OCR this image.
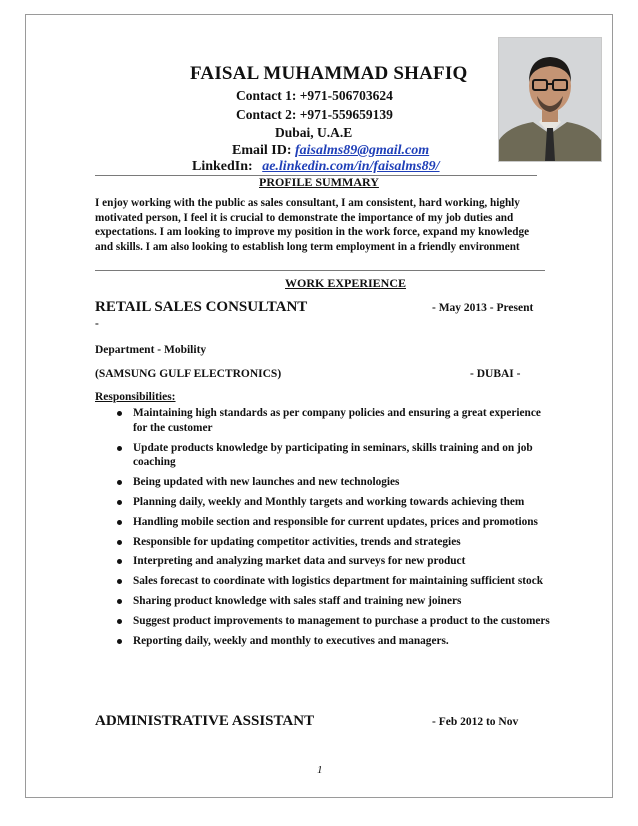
FAISAL MUHAMMAD SHAFIQ
Contact 1: +971-506703624
Contact 2: +971-559659139
Dubai, U.A.E
Email ID: faisalms89@gmail.com
LinkedIn: ae.linkedin.com/in/faisalms89/
PROFILE SUMMARY
I enjoy working with the public as sales consultant, I am consistent, hard working, highly motivated person, I feel it is crucial to demonstrate the importance of my job duties and expectations. I am looking to improve my position in the work force, expand my knowledge and skills. I am also looking to establish long term employment in a friendly environment
WORK EXPERIENCE
RETAIL SALES CONSULTANT	- May 2013 - Present
-
Department - Mobility
(SAMSUNG GULF ELECTRONICS)	- DUBAI -
Responsibilities:
Maintaining high standards as per company policies and ensuring a great experience for the customer
Update products knowledge by participating in seminars, skills training and on job coaching
Being updated with new launches and new technologies
Planning daily, weekly and Monthly targets and working towards achieving them
Handling mobile section and responsible for current updates, prices and promotions
Responsible for updating competitor activities, trends and strategies
Interpreting and analyzing market data and surveys for new product
Sales forecast to coordinate with logistics department for maintaining sufficient stock
Sharing product knowledge with sales staff and training new joiners
Suggest product improvements to management to purchase a product to the customers
Reporting daily, weekly and monthly to executives and managers.
ADMINISTRATIVE ASSISTANT	- Feb 2012 to Nov
1
